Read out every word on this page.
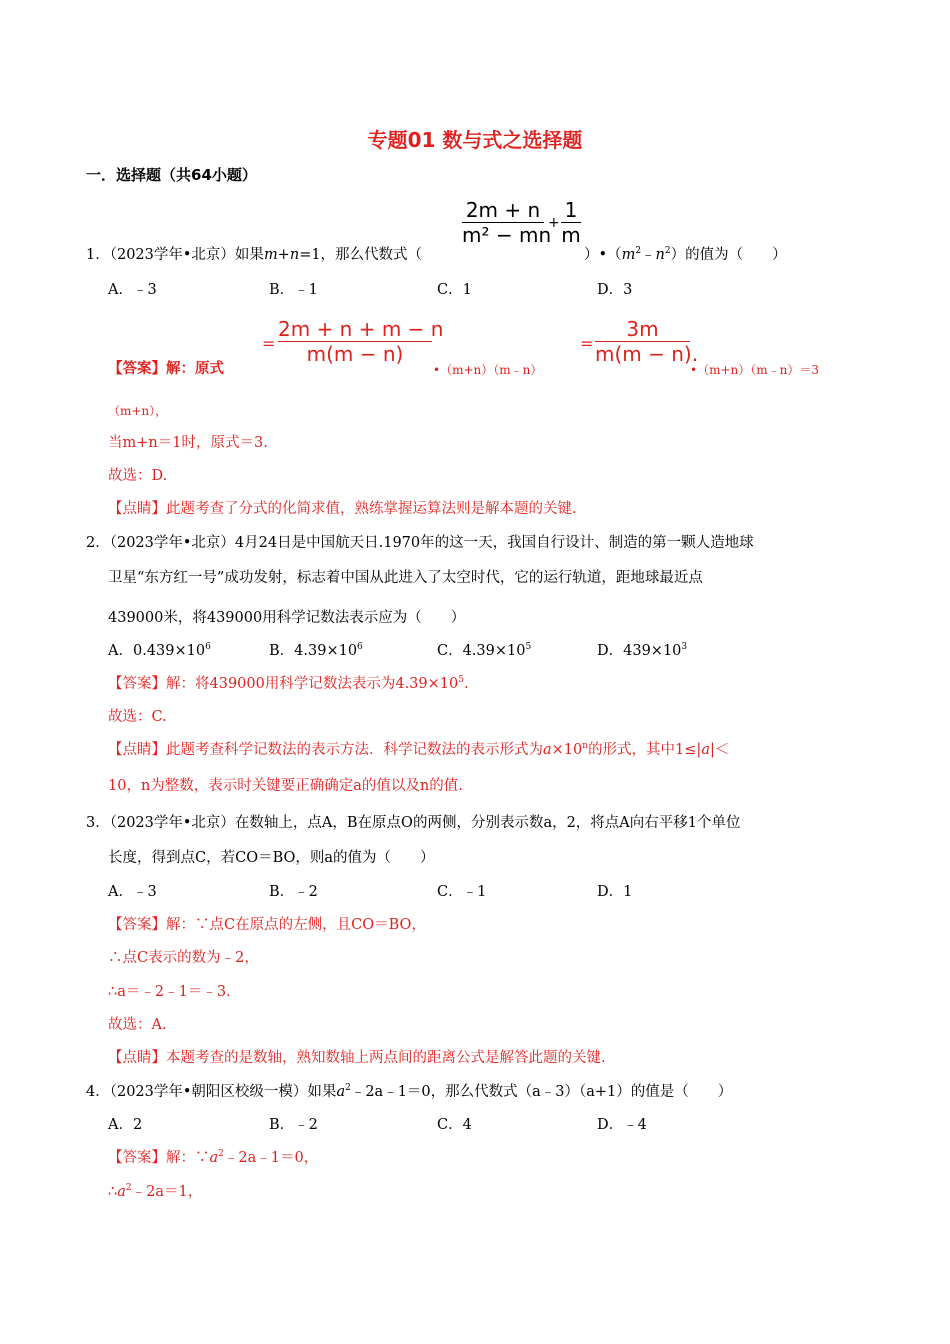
专题01 数与式之选择题
一．选择题（共64小题）
2m + n
m² − mn
+
1
m
1．（2023学年•北京）如果m+n=1，那么代数式（	）$•(m^2﹣n^2)$的值为（　　）
A．﹣3	B．﹣1	C．1	D．3
【答案】解：原式
=
2m + n + m − n
m(m − n)
•（m+n）（m﹣n）
=
3m
m(m − n).
•（m+n）（m﹣n）＝3
（m+n），
当m+n＝1时，原式＝3.
故选：D.
【点睛】此题考查了分式的化简求值，熟练掌握运算法则是解本题的关键.
2．（2023学年•北京）4月24日是中国航天日.1970年的这一天，我国自行设计、制造的第一颗人造地球
卫星“东方红一号”成功发射，标志着中国从此进入了太空时代，它的运行轨道，距地球最近点
439000米，将439000用科学记数法表示应为（　　）
A．$0.439\times 10^6$	B．$4.39\times 10^6$	C．$4.39\times 10^5$	D．$439\times 10^3$
【答案】解：将439000用科学记数法表示为$4.39\times 10^5$.
故选：C.
【点睛】此题考查科学记数法的表示方法．科学记数法的表示形式为$a\times 10^n$的形式，其中1≤|a|＜
10，n为整数，表示时关键要正确确定a的值以及n的值.
3．（2023学年•北京）在数轴上，点A，B在原点O的两侧，分别表示数a，2，将点A向右平移1个单位
长度，得到点C，若CO＝BO，则a的值为（　　）
A．﹣3	B．﹣2	C．﹣1	D．1
【答案】解：∵点C在原点的左侧，且CO＝BO，
∴点C表示的数为﹣2，
∴a＝﹣2﹣1＝﹣3.
故选：A.
【点睛】本题考查的是数轴，熟知数轴上两点间的距离公式是解答此题的关键.
4．（2023学年•朝阳区校级一模）如果$a^2﹣2a﹣1=0$，那么代数式（a﹣3）（a+1）的值是（　　）
A．2	B．﹣2	C．4	D．﹣4
【答案】解：$\because a^2﹣2a﹣1=0$，
$\therefore a^2﹣2a=1$，
